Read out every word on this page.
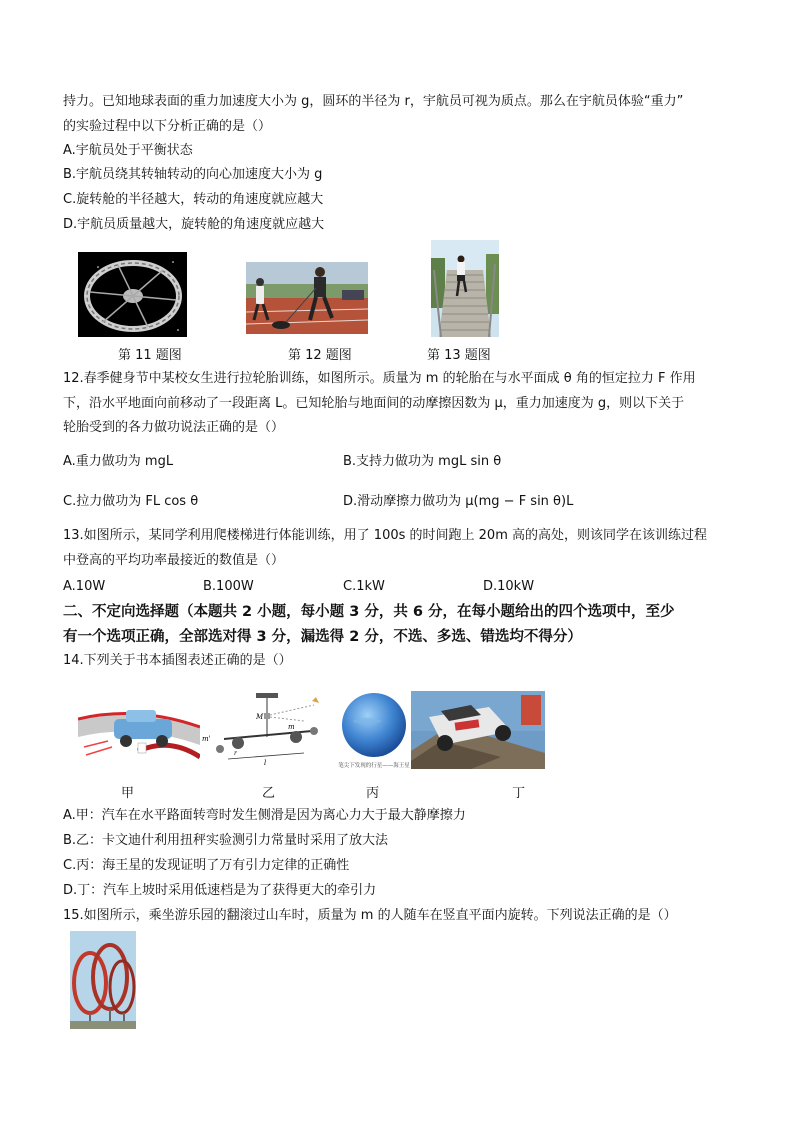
持力。已知地球表面的重力加速度大小为 g，圆环的半径为 r，宇航员可视为质点。那么在宇航员体验“重力”
的实验过程中以下分析正确的是（）
A.宇航员处于平衡状态
B.宇航员绕其转轴转动的向心加速度大小为 g
C.旋转舱的半径越大，转动的角速度就应越大
D.宇航员质量越大，旋转舱的角速度就应越大
第 11 题图	第 12 题图	第 13 题图
12.春季健身节中某校女生进行拉轮胎训练，如图所示。质量为 m 的轮胎在与水平面成 θ 角的恒定拉力 F 作用
下，沿水平地面向前移动了一段距离 L。已知轮胎与地面间的动摩擦因数为 μ，重力加速度为 g，则以下关于
轮胎受到的各力做功说法正确的是（）
A.重力做功为 mgL	B.支持力做功为 mgL sin θ
C.拉力做功为 FL cos θ	D.滑动摩擦力做功为 μ(mg − F sin θ)L
13.如图所示，某同学利用爬楼梯进行体能训练，用了 100s 的时间跑上 20m 高的高处，则该同学在该训练过程
中登高的平均功率最接近的数值是（）
A.10W	B.100W	C.1kW	D.10kW
二、不定向选择题（本题共 2 小题，每小题 3 分，共 6 分，在每小题给出的四个选项中，至少
有一个选项正确，全部选对得 3 分，漏选得 2 分，不选、多选、错选均不得分）
14.下列关于书本插图表述正确的是（）
M
m'
m
l
r
笔尖下发现的行星——海王星
甲	乙	丙	丁
A.甲：汽车在水平路面转弯时发生侧滑是因为离心力大于最大静摩擦力
B.乙：卡文迪什利用扭秤实验测引力常量时采用了放大法
C.丙：海王星的发现证明了万有引力定律的正确性
D.丁：汽车上坡时采用低速档是为了获得更大的牵引力
15.如图所示，乘坐游乐园的翻滚过山车时，质量为 m 的人随车在竖直平面内旋转。下列说法正确的是（）
